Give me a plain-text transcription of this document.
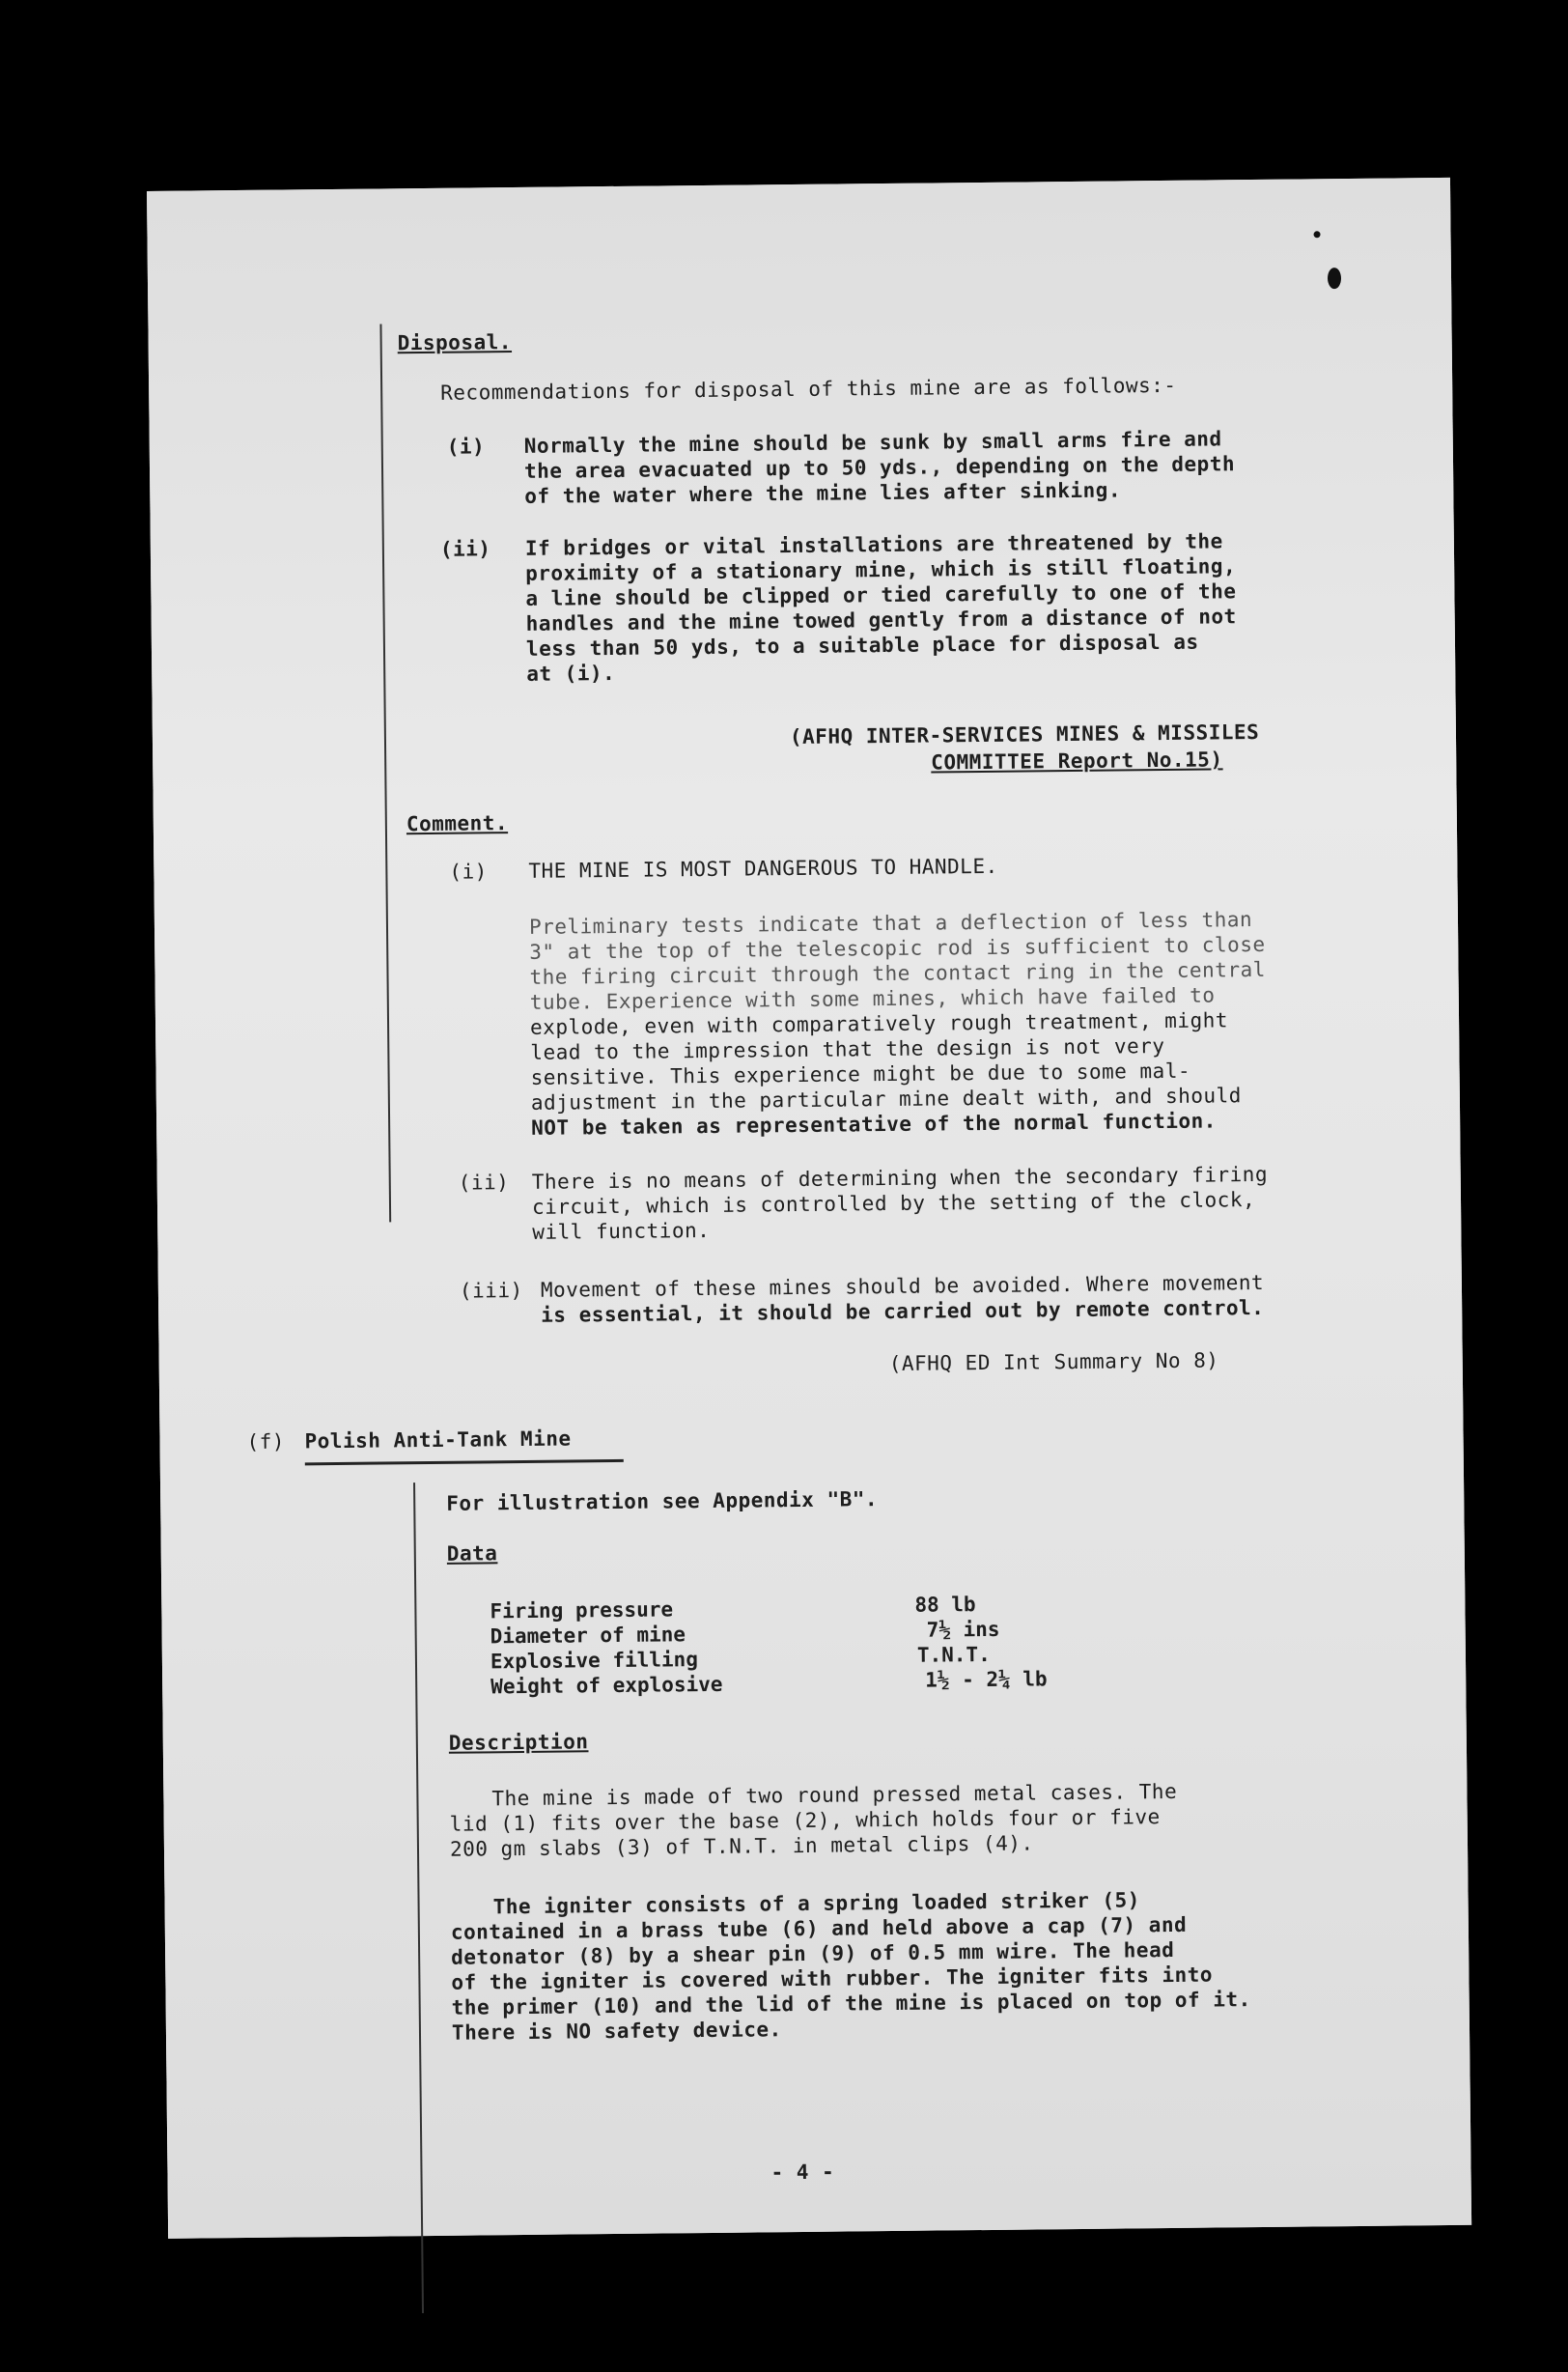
Disposal.
Recommendations for disposal of this mine are as follows:-
(i) Normally the mine should be sunk by small arms fire and
the area evacuated up to 50 yds., depending on the depth
of the water where the mine lies after sinking.
(ii) If bridges or vital installations are threatened by the
proximity of a stationary mine, which is still floating,
a line should be clipped or tied carefully to one of the
handles and the mine towed gently from a distance of not
less than 50 yds, to a suitable place for disposal as
at (i).
(AFHQ INTER-SERVICES MINES & MISSILES
COMMITTEE Report No.15)
Comment.
(i) THE MINE IS MOST DANGEROUS TO HANDLE.
Preliminary tests indicate that a deflection of less than
3" at the top of the telescopic rod is sufficient to close
the firing circuit through the contact ring in the central
tube. Experience with some mines, which have failed to
explode, even with comparatively rough treatment, might
lead to the impression that the design is not very
sensitive. This experience might be due to some mal-
adjustment in the particular mine dealt with, and should
NOT be taken as representative of the normal function.
(ii) There is no means of determining when the secondary firing
circuit, which is controlled by the setting of the clock,
will function.
(iii) Movement of these mines should be avoided. Where movement
is essential, it should be carried out by remote control.
(AFHQ ED Int Summary No 8)
(f) Polish Anti-Tank Mine
For illustration see Appendix "B".
Data
Firing pressure	88 lb
Diameter of mine	7½ ins
Explosive filling	T.N.T.
Weight of explosive	1½ - 2¼ lb
Description
The mine is made of two round pressed metal cases. The
lid (1) fits over the base (2), which holds four or five
200 gm slabs (3) of T.N.T. in metal clips (4).
The igniter consists of a spring loaded striker (5)
contained in a brass tube (6) and held above a cap (7) and
detonator (8) by a shear pin (9) of 0.5 mm wire. The head
of the igniter is covered with rubber. The igniter fits into
the primer (10) and the lid of the mine is placed on top of it.
There is NO safety device.
- 4 -
